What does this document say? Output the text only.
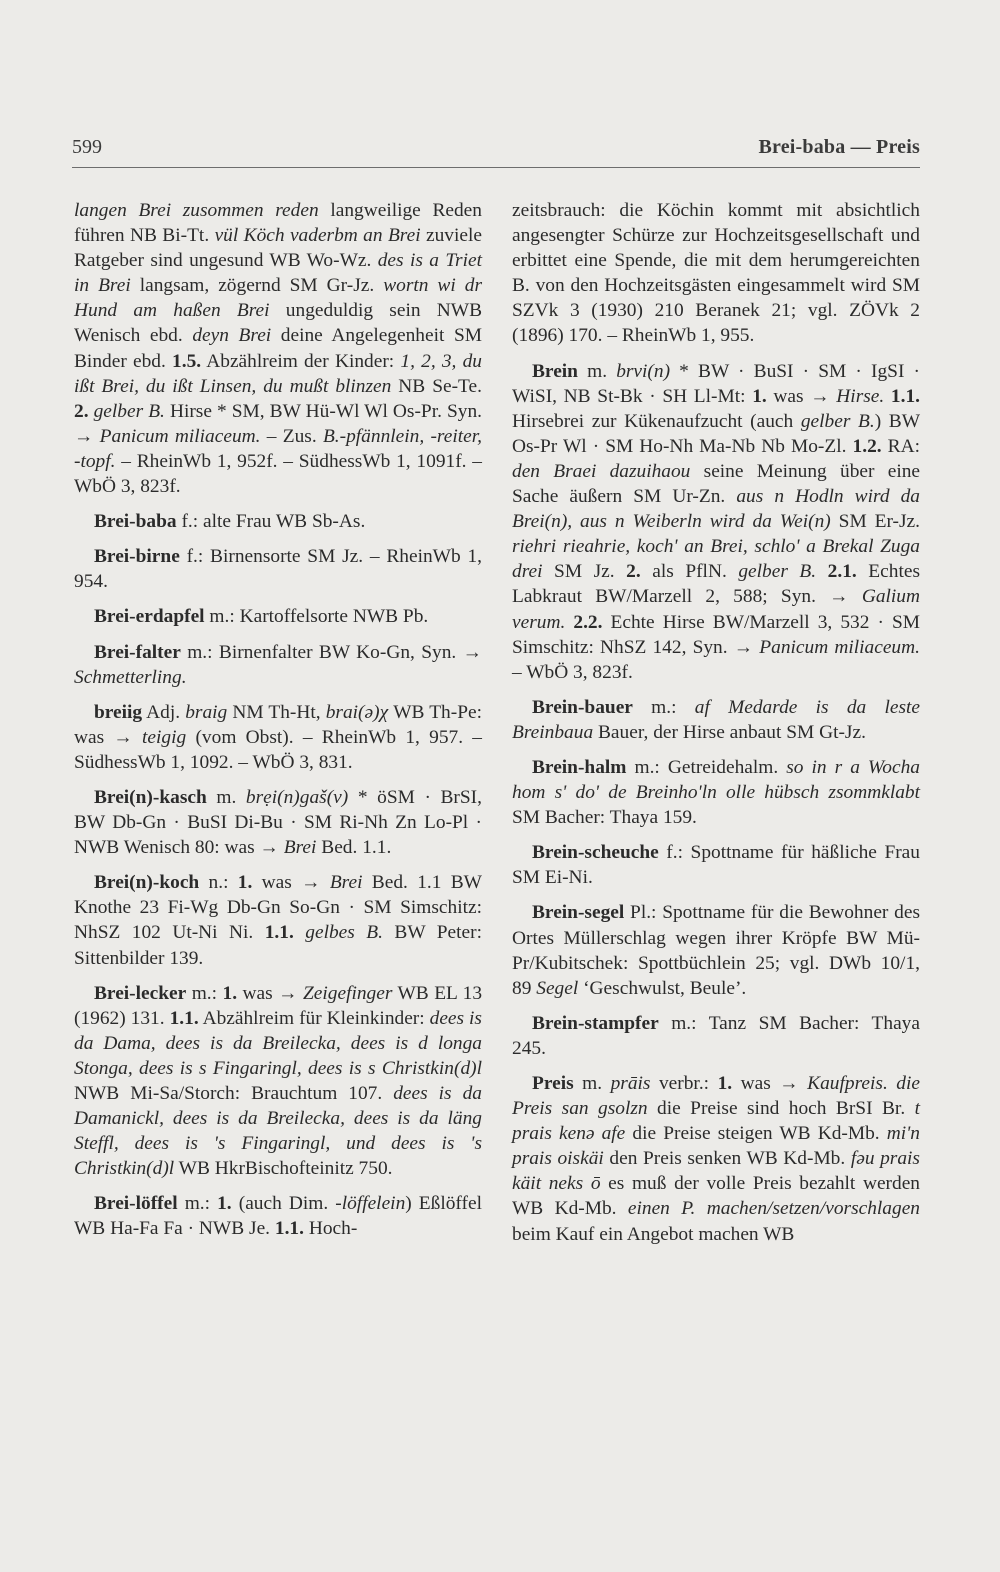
599	Brei-baba — Preis

langen Brei zusommen reden langweilige Reden führen NB Bi-Tt. vül Köch vaderbm an Brei zuviele Ratgeber sind ungesund WB Wo-Wz. des is a Triet in Brei langsam, zögernd SM Gr-Jz. wortn wi dr Hund am haßen Brei ungeduldig sein NWB Wenisch ebd. deyn Brei deine Angelegenheit SM Binder ebd. 1.5. Abzählreim der Kinder: 1, 2, 3, du ißt Brei, du ißt Linsen, du mußt blinzen NB Se-Te. 2. gelber B. Hirse * SM, BW Hü-Wl Wl Os-Pr. Syn. → Panicum miliaceum. – Zus. B.-pfännlein, -reiter, -topf. – RheinWb 1, 952f. – SüdhessWb 1, 1091f. – WbÖ 3, 823f.

Brei-baba f.: alte Frau WB Sb-As.

Brei-birne f.: Birnensorte SM Jz. – RheinWb 1, 954.

Brei-erdapfel m.: Kartoffelsorte NWB Pb.

Brei-falter m.: Birnenfalter BW Ko-Gn, Syn. → Schmetterling.

breiig Adj. braig NM Th-Ht, brai(ə)χ WB Th-Pe: was → teigig (vom Obst). – RheinWb 1, 957. – SüdhessWb 1, 1092. – WbÖ 3, 831.

Brei(n)-kasch m. brẹi(n)gaš(v) * öSM · BrSI, BW Db-Gn · BuSI Di-Bu · SM Ri-Nh Zn Lo-Pl · NWB Wenisch 80: was → Brei Bed. 1.1.

Brei(n)-koch n.: 1. was → Brei Bed. 1.1 BW Knothe 23 Fi-Wg Db-Gn So-Gn · SM Simschitz: NhSZ 102 Ut-Ni Ni. 1.1. gelbes B. BW Peter: Sittenbilder 139.

Brei-lecker m.: 1. was → Zeigefinger WB EL 13 (1962) 131. 1.1. Abzählreim für Kleinkinder: dees is da Dama, dees is da Breilecka, dees is d longa Stonga, dees is s Fingaringl, dees is s Christkin(d)l NWB Mi-Sa/Storch: Brauchtum 107. dees is da Damanickl, dees is da Breilecka, dees is da läng Steffl, dees is 's Fingaringl, und dees is 's Christkin(d)l WB HkrBischofteinitz 750.

Brei-löffel m.: 1. (auch Dim. -löffelein) Eßlöffel WB Ha-Fa Fa · NWB Je. 1.1. Hoch-

zeitsbrauch: die Köchin kommt mit absichtlich angesengter Schürze zur Hochzeitsgesellschaft und erbittet eine Spende, die mit dem herumgereichten B. von den Hochzeitsgästen eingesammelt wird SM SZVk 3 (1930) 210 Beranek 21; vgl. ZÖVk 2 (1896) 170. – RheinWb 1, 955.

Brein m. brvi(n) * BW · BuSI · SM · IgSI · WiSI, NB St-Bk · SH Ll-Mt: 1. was → Hirse. 1.1. Hirsebrei zur Kükenaufzucht (auch gelber B.) BW Os-Pr Wl · SM Ho-Nh Ma-Nb Nb Mo-Zl. 1.2. RA: den Braei dazuihaou seine Meinung über eine Sache äußern SM Ur-Zn. aus n Hodln wird da Brei(n), aus n Weiberln wird da Wei(n) SM Er-Jz. riehri rieahrie, koch' an Brei, schlo' a Brekal Zuga drei SM Jz. 2. als PflN. gelber B. 2.1. Echtes Labkraut BW/Marzell 2, 588; Syn. → Galium verum. 2.2. Echte Hirse BW/Marzell 3, 532 · SM Simschitz: NhSZ 142, Syn. → Panicum miliaceum. – WbÖ 3, 823f.

Brein-bauer m.: af Medarde is da leste Breinbaua Bauer, der Hirse anbaut SM Gt-Jz.

Brein-halm m.: Getreidehalm. so in r a Wocha hom s' do' de Breinho'ln olle hübsch zsommklabt SM Bacher: Thaya 159.

Brein-scheuche f.: Spottname für häßliche Frau SM Ei-Ni.

Brein-segel Pl.: Spottname für die Bewohner des Ortes Müllerschlag wegen ihrer Kröpfe BW Mü-Pr/Kubitschek: Spottbüchlein 25; vgl. DWb 10/1, 89 Segel ‘Geschwulst, Beule’.

Brein-stampfer m.: Tanz SM Bacher: Thaya 245.

Preis m. prāis verbr.: 1. was → Kaufpreis. die Preis san gsolzn die Preise sind hoch BrSI Br. t prais kenə afe die Preise steigen WB Kd-Mb. mi'n prais oiskäi den Preis senken WB Kd-Mb. fəu prais käit neks ō es muß der volle Preis bezahlt werden WB Kd-Mb. einen P. machen/setzen/vorschlagen beim Kauf ein Angebot machen WB
